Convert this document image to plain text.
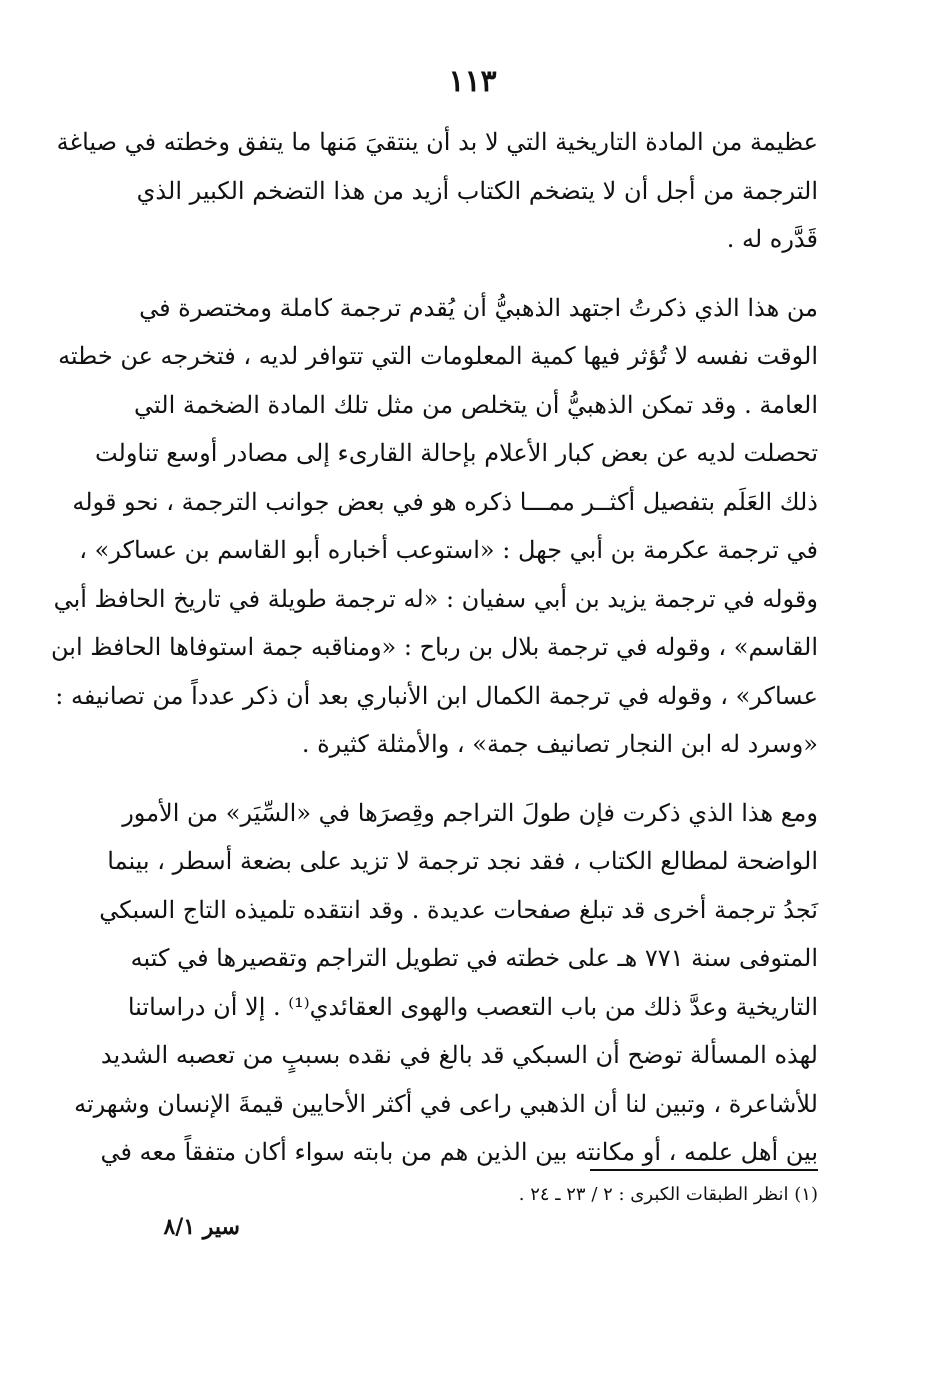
١١٣
عظيمة من المادة التاريخية التي لا بد أن ينتقيَ مَنها ما يتفق وخطته في صياغة
الترجمة من أجل أن لا يتضخم الكتاب أزيد من هذا التضخم الكبير الذي
قَدَّره له .
من هذا الذي ذكرتُ اجتهد الذهبيُّ أن يُقدم ترجمة كاملة ومختصرة في
الوقت نفسه لا تُؤثر فيها كمية المعلومات التي تتوافر لديه ، فتخرجه عن خطته
العامة . وقد تمكن الذهبيُّ أن يتخلص من مثل تلك المادة الضخمة التي
تحصلت لديه عن بعض كبار الأعلام بإحالة القارىء إلى مصادر أوسع تناولت
ذلك العَلَم بتفصيل أكثــر ممـــا ذكره هو في بعض جوانب الترجمة ، نحو قوله
في ترجمة عكرمة بن أبي جهل : «استوعب أخباره أبو القاسم بن عساكر» ،
وقوله في ترجمة يزيد بن أبي سفيان : «له ترجمة طويلة في تاريخ الحافظ أبي
القاسم» ، وقوله في ترجمة بلال بن رباح : «ومناقبه جمة استوفاها الحافظ ابن
عساكر» ، وقوله في ترجمة الكمال ابن الأنباري بعد أن ذكر عدداً من تصانيفه :
«وسرد له ابن النجار تصانيف جمة» ، والأمثلة كثيرة .
ومع هذا الذي ذكرت فإن طولَ التراجم وقِصرَها في «السِّيَر» من الأمور
الواضحة لمطالع الكتاب ، فقد نجد ترجمة لا تزيد على بضعة أسطر ، بينما
نَجدُ ترجمة أخرى قد تبلغ صفحات عديدة . وقد انتقده تلميذه التاج السبكي
المتوفى سنة ٧٧١ هـ على خطته في تطويل التراجم وتقصيرها في كتبه
التاريخية وعدَّ ذلك من باب التعصب والهوى العقائدي⁽¹⁾ . إلا أن دراساتنا
لهذه المسألة توضح أن السبكي قد بالغ في نقده بسببٍ من تعصبه الشديد
للأشاعرة ، وتبين لنا أن الذهبي راعى في أكثر الأحايين قيمةَ الإنسان وشهرته
بين أهل علمه ، أو مكانته بين الذين هم من بابته سواء أكان متفقاً معه في
(١) انظر الطبقات الكبرى : ٢ / ٢٣ ـ ٢٤ .
سير ٨/١
